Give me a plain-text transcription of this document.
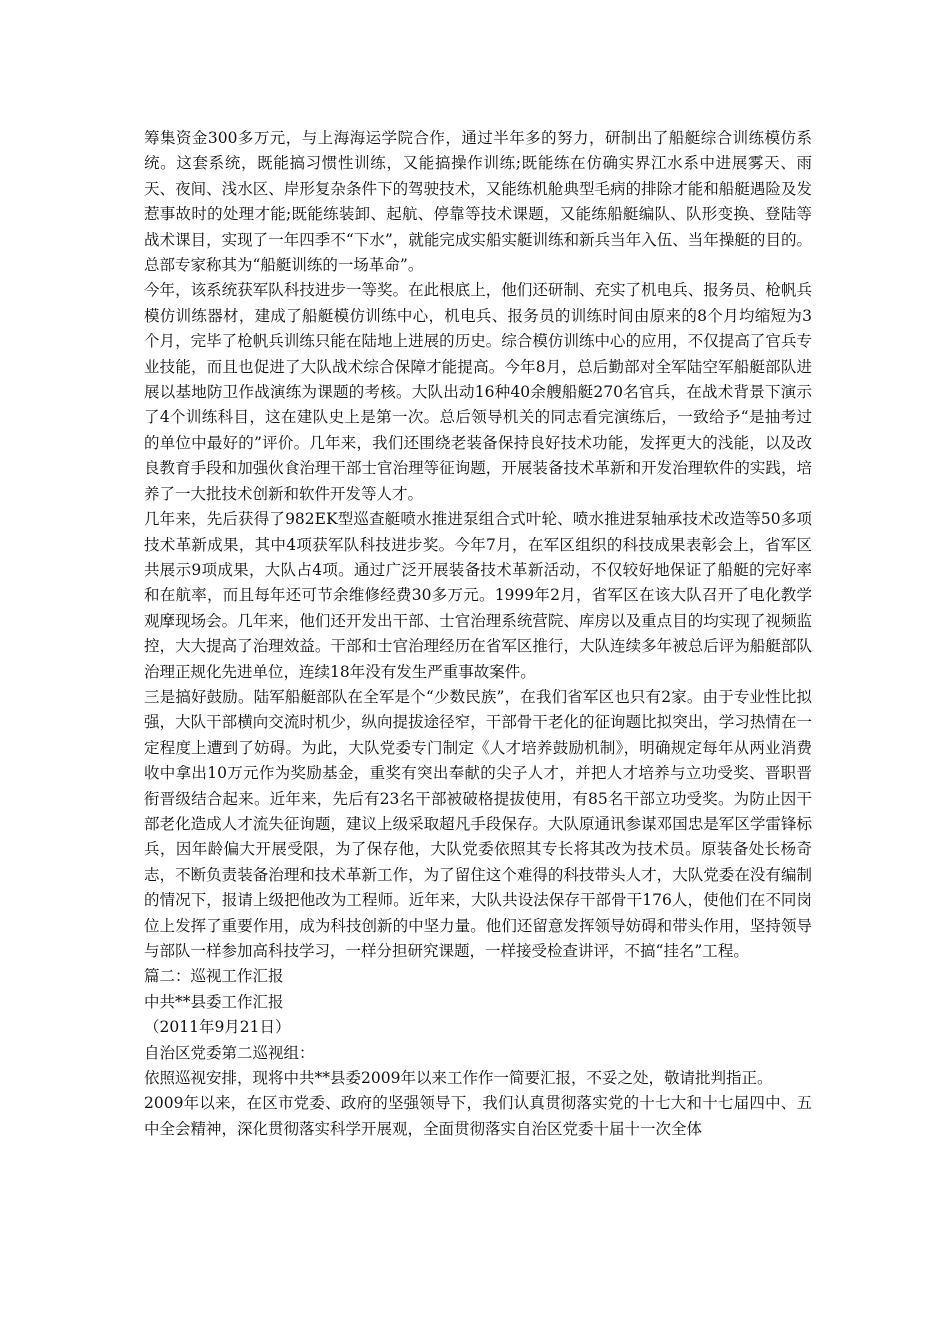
筹集资金300多万元，与上海海运学院合作，通过半年多的努力，研制出了船艇综合训练模仿系统。这套系统，既能搞习惯性训练，又能搞操作训练;既能练在仿确实界江水系中进展雾天、雨天、夜间、浅水区、岸形复杂条件下的驾驶技术，又能练机舱典型毛病的排除才能和船艇遇险及发惹事故时的处理才能;既能练装卸、起航、停靠等技术课题，又能练船艇编队、队形变换、登陆等战术课目，实现了一年四季不“下水”，就能完成实船实艇训练和新兵当年入伍、当年操艇的目的。总部专家称其为“船艇训练的一场革命”。

今年，该系统获军队科技进步一等奖。在此根底上，他们还研制、充实了机电兵、报务员、枪帆兵模仿训练器材，建成了船艇模仿训练中心，机电兵、报务员的训练时间由原来的8个月均缩短为3个月，完毕了枪帆兵训练只能在陆地上进展的历史。综合模仿训练中心的应用，不仅提高了官兵专业技能，而且也促进了大队战术综合保障才能提高。今年8月，总后勤部对全军陆空军船艇部队进展以基地防卫作战演练为课题的考核。大队出动16种40余艘船艇270名官兵，在战术背景下演示了4个训练科目，这在建队史上是第一次。总后领导机关的同志看完演练后，一致给予“是抽考过的单位中最好的”评价。几年来，我们还围绕老装备保持良好技术功能，发挥更大的浅能，以及改良教育手段和加强伙食治理干部士官治理等征询题，开展装备技术革新和开发治理软件的实践，培养了一大批技术创新和软件开发等人才。

几年来，先后获得了982EK型巡查艇喷水推进泵组合式叶轮、喷水推进泵轴承技术改造等50多项技术革新成果，其中4项获军队科技进步奖。今年7月，在军区组织的科技成果表彰会上，省军区共展示9项成果，大队占4项。通过广泛开展装备技术革新活动，不仅较好地保证了船艇的完好率和在航率，而且每年还可节余维修经费30多万元。1999年2月，省军区在该大队召开了电化教学观摩现场会。几年来，他们还开发出干部、士官治理系统营院、库房以及重点目的均实现了视频监控，大大提高了治理效益。干部和士官治理经历在省军区推行，大队连续多年被总后评为船艇部队治理正规化先进单位，连续18年没有发生严重事故案件。

三是搞好鼓励。陆军船艇部队在全军是个“少数民族”，在我们省军区也只有2家。由于专业性比拟强，大队干部横向交流时机少，纵向提拔途径窄，干部骨干老化的征询题比拟突出，学习热情在一定程度上遭到了妨碍。为此，大队党委专门制定《人才培养鼓励机制》，明确规定每年从两业消费收中拿出10万元作为奖励基金，重奖有突出奉献的尖子人才，并把人才培养与立功受奖、晋职晋衔晋级结合起来。近年来，先后有23名干部被破格提拔使用，有85名干部立功受奖。为防止因干部老化造成人才流失征询题，建议上级采取超凡手段保存。大队原通讯参谋邓国忠是军区学雷锋标兵，因年龄偏大开展受限，为了保存他，大队党委依照其专长将其改为技术员。原装备处长杨奇志，不断负责装备治理和技术革新工作，为了留住这个难得的科技带头人才，大队党委在没有编制的情况下，报请上级把他改为工程师。近年来，大队共设法保存干部骨干176人，使他们在不同岗位上发挥了重要作用，成为科技创新的中坚力量。他们还留意发挥领导妨碍和带头作用，坚持领导与部队一样参加高科技学习，一样分担研究课题，一样接受检查讲评，不搞“挂名”工程。

篇二：巡视工作汇报

中共**县委工作汇报

（2011年9月21日）

自治区党委第二巡视组：

依照巡视安排，现将中共**县委2009年以来工作作一简要汇报，不妥之处，敬请批判指正。

2009年以来，在区市党委、政府的坚强领导下，我们认真贯彻落实党的十七大和十七届四中、五中全会精神，深化贯彻落实科学开展观，全面贯彻落实自治区党委十届十一次全体
